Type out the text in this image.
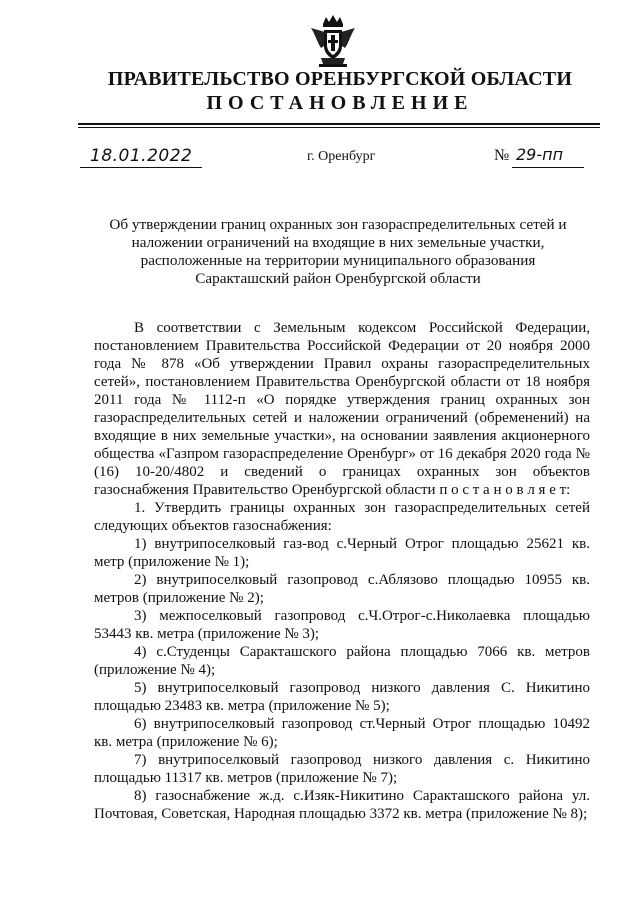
ПРАВИТЕЛЬСТВО ОРЕНБУРГСКОЙ ОБЛАСТИ
ПОСТАНОВЛЕНИЕ
18.01.2022	г. Оренбург	№ 29-пп
Об утверждении границ охранных зон газораспределительных сетей и
наложении ограничений на входящие в них земельные участки,
расположенные на территории муниципального образования
Саракташский район Оренбургской области

В соответствии с Земельным кодексом Российской Федерации, постановлением Правительства Российской Федерации от 20 ноября 2000 года № 878 «Об утверждении Правил охраны газораспределительных сетей», постановлением Правительства Оренбургской области от 18 ноября 2011 года № 1112-п «О порядке утверждения границ охранных зон газораспределительных сетей и наложении ограничений (обременений) на входящие в них земельные участки», на основании заявления акционерного общества «Газпром газораспределение Оренбург» от 16 декабря 2020 года № (16) 10-20/4802 и сведений о границах охранных зон объектов газоснабжения Правительство Оренбургской области п о с т а н о в л я е т:

1. Утвердить границы охранных зон газораспределительных сетей следующих объектов газоснабжения:

1) внутрипоселковый газ-вод с.Черный Отрог площадью 25621 кв. метр (приложение № 1);

2) внутрипоселковый газопровод с.Аблязово площадью 10955 кв. метров (приложение № 2);

3) межпоселковый газопровод с.Ч.Отрог-с.Николаевка площадью 53443 кв. метра (приложение № 3);

4) с.Студенцы Саракташского района площадью 7066 кв. метров (приложение № 4);

5) внутрипоселковый газопровод низкого давления С. Никитино площадью 23483 кв. метра (приложение № 5);

6) внутрипоселковый газопровод ст.Черный Отрог площадью 10492 кв. метра (приложение № 6);

7) внутрипоселковый газопровод низкого давления с. Никитино площадью 11317 кв. метров (приложение № 7);

8) газоснабжение ж.д. с.Изяк-Никитино Саракташского района ул. Почтовая, Советская, Народная площадью 3372 кв. метра (приложение № 8);
